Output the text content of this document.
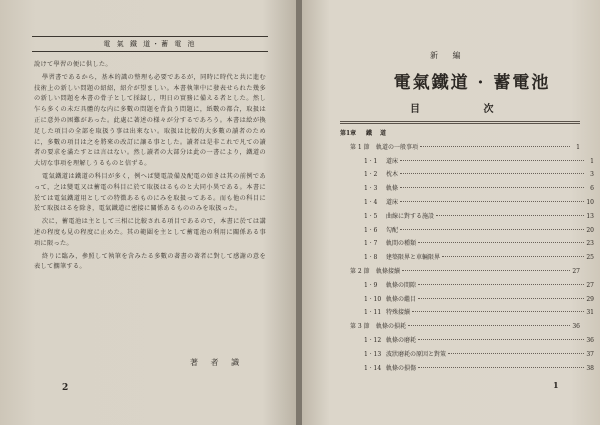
電 氣 鐵 道・蓄 電 池

說けて學習の便に供した。

學習書であるから，基本的識の整理も必要であるが，同時に時代と共に進む技術上の新しい問題の紹紹，紹介が望ましい。本書執筆中に發表せられた幾多の新しい問題を本書の骨子として採録し，明日の實務に備える者とした。然し乍ら多くの未だ具體的な内に多數の問題を背負う問題に，紙數の都合，取扱は正に意外の困難があった。此處に著述の様々が分するであろう。本書は絵が換足した項目の全部を取扱う事は出來ない。取扱は比較的大多數の讀者のために，多數の項目は之を將來の改訂に讓る事とした。讀者は是非これで凡ての讀者の要求を滿たすとは言はない。然し讀者の大部分は此の一書により，鐵道の大切な事項を理解しうるものと信ずる。

電氣鐵道は鐵道の科目が多く，例へば變電設備及配電の如きは其の前例であって，之は變電又は蓄電の科目に於て取扱はるものと大同小異である。本書に於ては電氣鐵道用としての特徴あるものにみを取扱ってある。而も他の科目に於て取扱はるを除き，電氣鐵道に密接に關係あるもののみを取扱った。

次に，蓄電池は主として三相に比較される項目であるので，本書に於ては講述の程度も見の程度に止めた。其の範圍を主として蓄電池の利用に關係ある事項に限った。

終りに臨み，參照して執筆を含みたる多數の著書の著者に對して感謝の意を表して擱筆する。

著 者 識
2
新 編
電氣鐵道 · 蓄電池
目 次
第1章	鐵　道
第 1 節	軌道の一般事項	1
1 · 1	道床	1
1 · 2	枕木	3
1 · 3	軌條	6
1 · 4	道床	10
1 · 5	曲線に對する施設	13
1 · 6	勾配	20
1 · 7	軌間の種類	23
1 · 8	建築限界と車輛限界	25
第 2 節	軌條接續	27
1 · 9	軌條の間隙	27
1 · 10 軌條の繼目	29
1 · 11 特殊接續	31
第 3 節	軌條の損耗	36
1 · 12 軌條の磨耗	36
1 · 13 波狀磨耗の原因と對策	37
1 · 14 軌條の損傷	38
1
